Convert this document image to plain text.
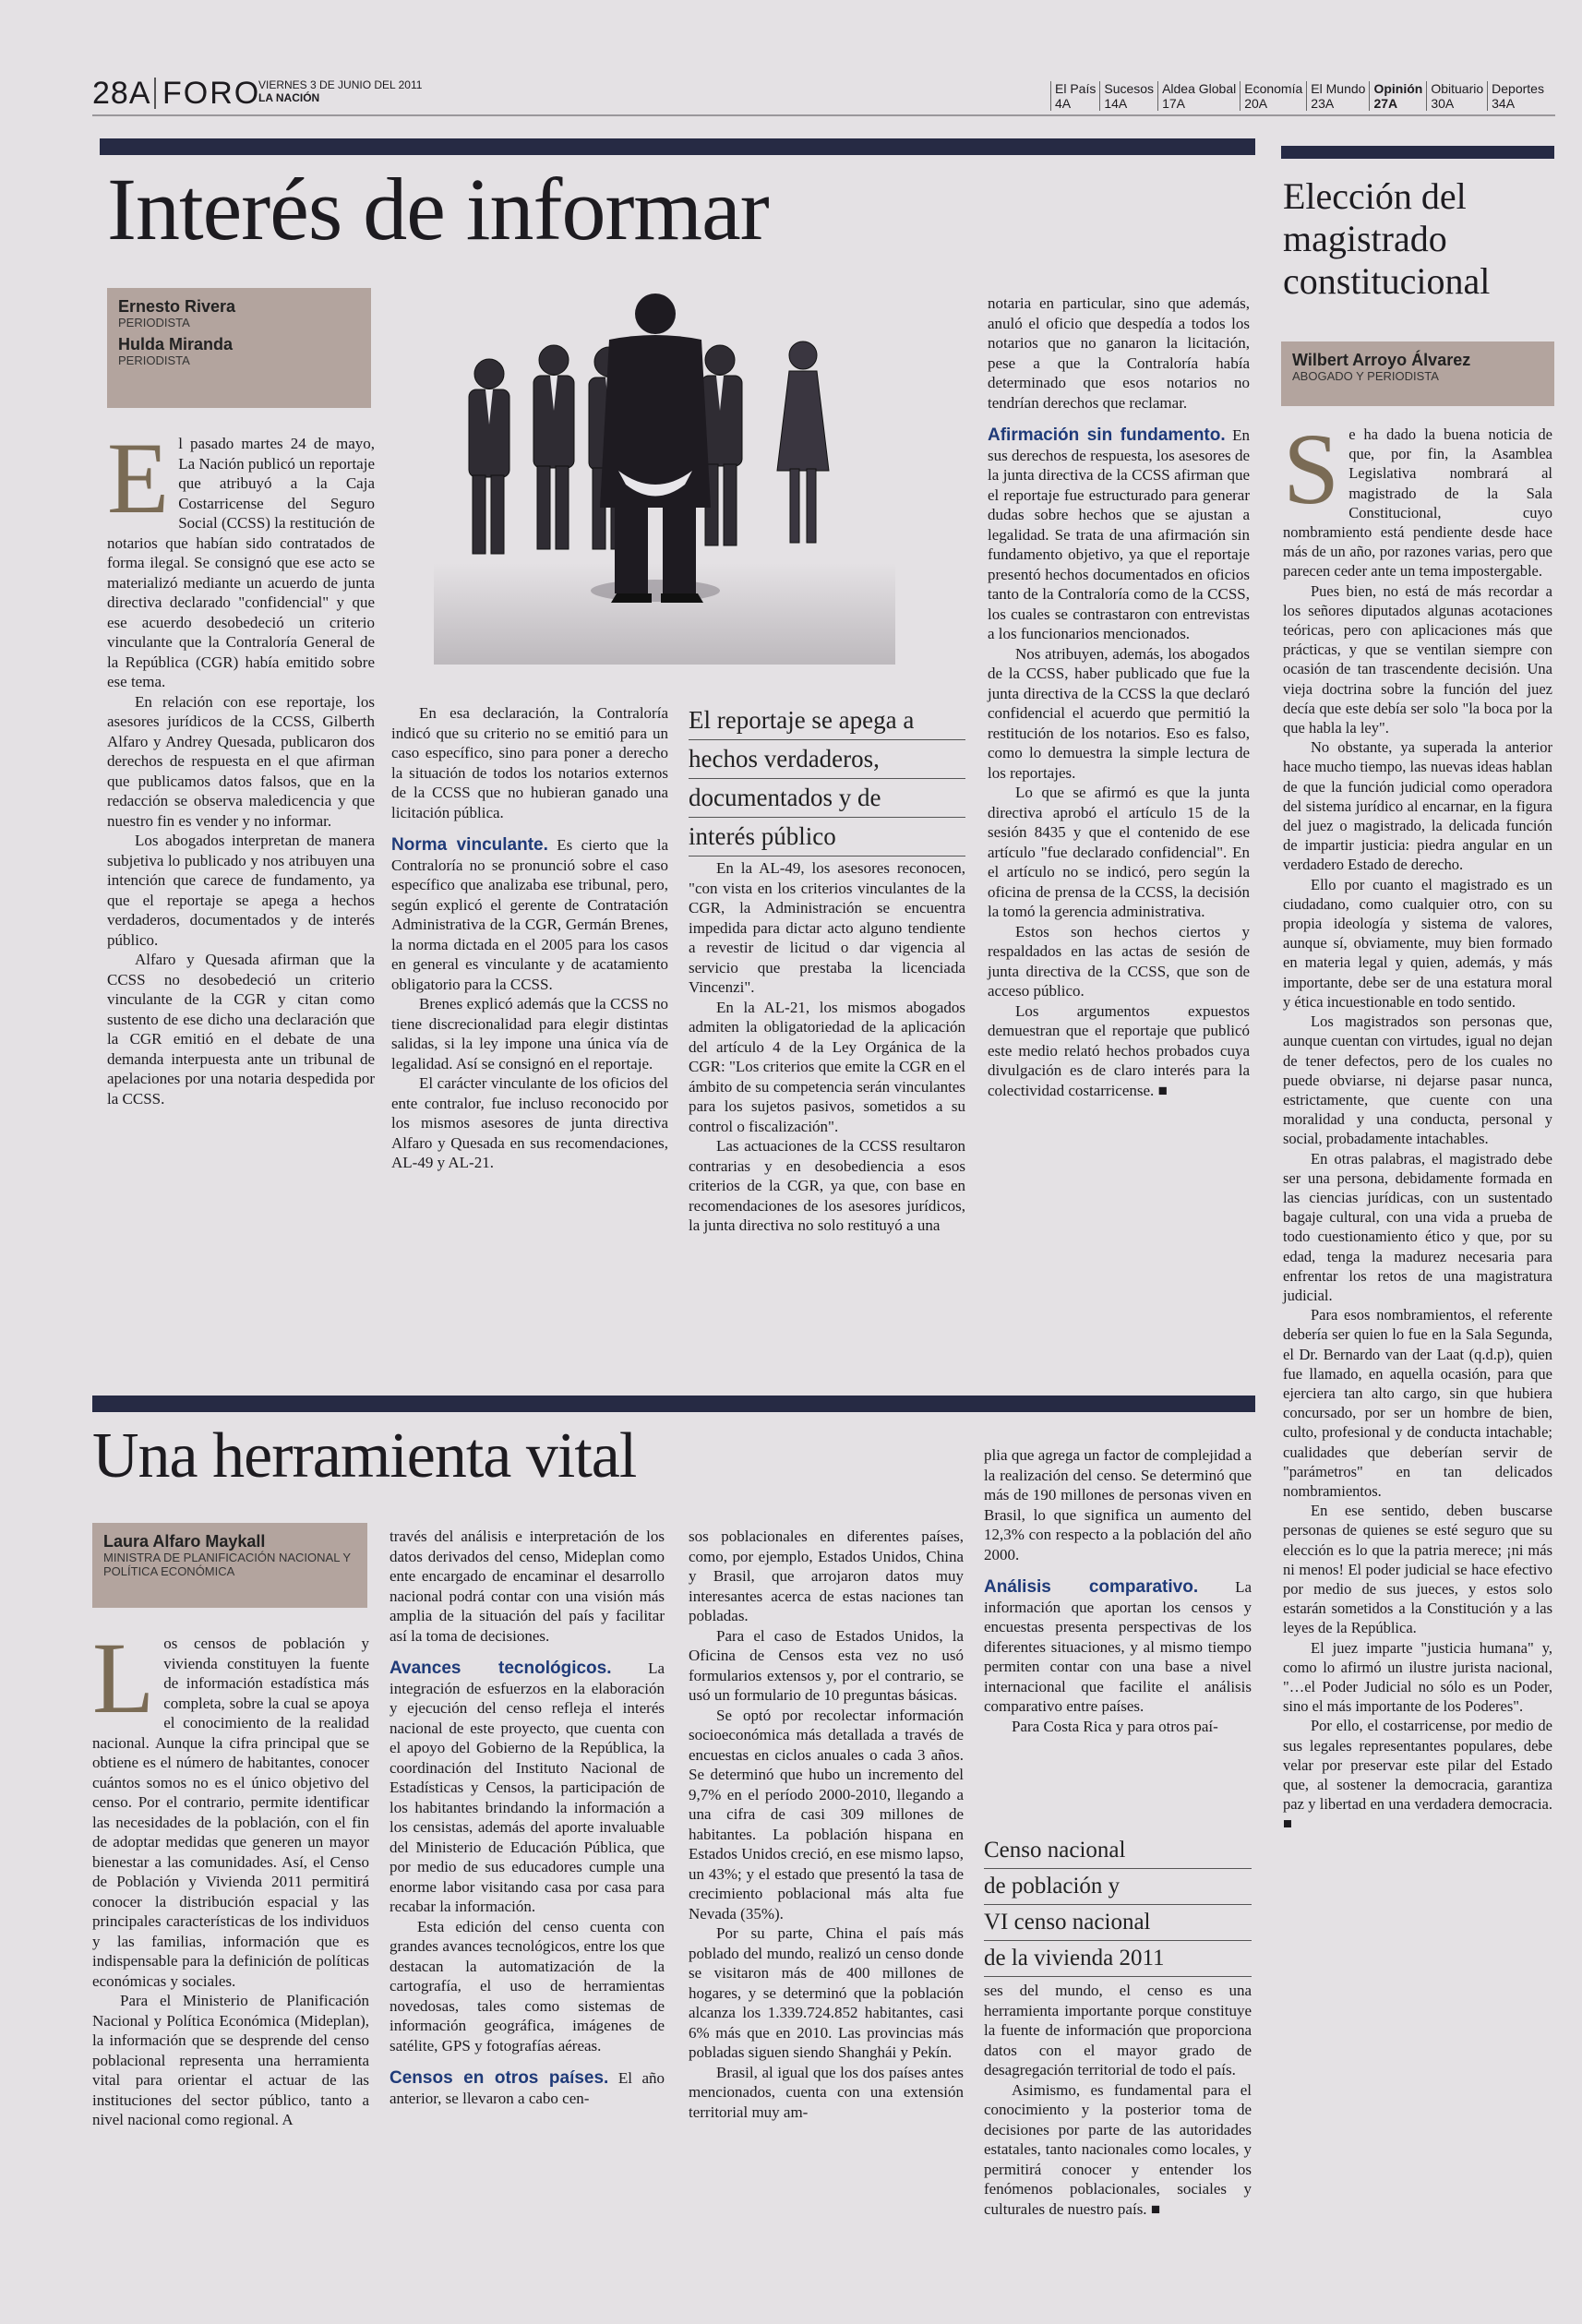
28A FORO
VIERNES 3 DE JUNIO DEL 2011
LA NACIÓN
El País
4A
Sucesos
14A
Aldea Global
17A
Economía
20A
El Mundo
23A
Opinión
27A
Obituario
30A
Deportes
34A
Interés de informar
Ernesto Rivera
PERIODISTA
Hulda Miranda
PERIODISTA
E l pasado martes 24 de mayo, La Nación publicó un reportaje que atribuyó a la Caja Costarricense del Seguro Social (CCSS) la restitución de notarios que habían sido contratados de forma ilegal. Se consignó que ese acto se materializó mediante un acuerdo de junta directiva declarado "confidencial" y que ese acuerdo desobedeció un criterio vinculante que la Contraloría General de la República (CGR) había emitido sobre ese tema.

En relación con ese reportaje, los asesores jurídicos de la CCSS, Gilberth Alfaro y Andrey Quesada, publicaron dos derechos de respuesta en el que afirman que publicamos datos falsos, que en la redacción se observa maledicencia y que nuestro fin es vender y no informar.

Los abogados interpretan de manera subjetiva lo publicado y nos atribuyen una intención que carece de fundamento, ya que el reportaje se apega a hechos verdaderos, documentados y de interés público.

Alfaro y Quesada afirman que la CCSS no desobedeció un criterio vinculante de la CGR y citan como sustento de ese dicho una declaración que la CGR emitió en el debate de una demanda interpuesta ante un tribunal de apelaciones por una notaria despedida por la CCSS.

En esa declaración, la Contraloría indicó que su criterio no se emitió para un caso específico, sino para poner a derecho la situación de todos los notarios externos de la CCSS que no hubieran ganado una licitación pública.

Norma vinculante. Es cierto que la Contraloría no se pronunció sobre el caso específico que analizaba ese tribunal, pero, según explicó el gerente de Contratación Administrativa de la CGR, Germán Brenes, la norma dictada en el 2005 para los casos en general es vinculante y de acatamiento obligatorio para la CCSS.

Brenes explicó además que la CCSS no tiene discrecionalidad para elegir distintas salidas, si la ley impone una única vía de legalidad. Así se consignó en el reportaje.

El carácter vinculante de los oficios del ente contralor, fue incluso reconocido por los mismos asesores de junta directiva Alfaro y Quesada en sus recomendaciones, AL-49 y AL-21.

El reportaje se apega a
hechos verdaderos,
documentados y de
interés público

En la AL-49, los asesores reconocen, "con vista en los criterios vinculantes de la CGR, la Administración se encuentra impedida para dictar acto alguno tendiente a revestir de licitud o dar vigencia al servicio que prestaba la licenciada Vincenzi".

En la AL-21, los mismos abogados admiten la obligatoriedad de la aplicación del artículo 4 de la Ley Orgánica de la CGR: "Los criterios que emite la CGR en el ámbito de su competencia serán vinculantes para los sujetos pasivos, sometidos a su control o fiscalización".

Las actuaciones de la CCSS resultaron contrarias y en desobediencia a esos criterios de la CGR, ya que, con base en recomendaciones de los asesores jurídicos, la junta directiva no solo restituyó a una

notaria en particular, sino que además, anuló el oficio que despedía a todos los notarios que no ganaron la licitación, pese a que la Contraloría había determinado que esos notarios no tendrían derechos que reclamar.

Afirmación sin fundamento. En sus derechos de respuesta, los asesores de la junta directiva de la CCSS afirman que el reportaje fue estructurado para generar dudas sobre hechos que se ajustan a legalidad. Se trata de una afirmación sin fundamento objetivo, ya que el reportaje presentó hechos documentados en oficios tanto de la Contraloría como de la CCSS, los cuales se contrastaron con entrevistas a los funcionarios mencionados.

Nos atribuyen, además, los abogados de la CCSS, haber publicado que fue la junta directiva de la CCSS la que declaró confidencial el acuerdo que permitió la restitución de los notarios. Eso es falso, como lo demuestra la simple lectura de los reportajes.

Lo que se afirmó es que la junta directiva aprobó el artículo 15 de la sesión 8435 y que el contenido de ese artículo "fue declarado confidencial". En el artículo no se indicó, pero según la oficina de prensa de la CCSS, la decisión la tomó la gerencia administrativa.

Estos son hechos ciertos y respaldados en las actas de sesión de junta directiva de la CCSS, que son de acceso público.

Los argumentos expuestos demuestran que el reportaje que publicó este medio relató hechos probados cuya divulgación es de claro interés para la colectividad costarricense. ■

Una herramienta vital
Laura Alfaro Maykall
MINISTRA DE PLANIFICACIÓN NACIONAL Y POLÍTICA ECONÓMICA
L os censos de población y vivienda constituyen la fuente de información estadística más completa, sobre la cual se apoya el conocimiento de la realidad nacional. Aunque la cifra principal que se obtiene es el número de habitantes, conocer cuántos somos no es el único objetivo del censo. Por el contrario, permite identificar las necesidades de la población, con el fin de adoptar medidas que generen un mayor bienestar a las comunidades. Así, el Censo de Población y Vivienda 2011 permitirá conocer la distribución espacial y las principales características de los individuos y las familias, información que es indispensable para la definición de políticas económicas y sociales.

Para el Ministerio de Planificación Nacional y Política Económica (Mideplan), la información que se desprende del censo poblacional representa una herramienta vital para orientar el actuar de las instituciones del sector público, tanto a nivel nacional como regional. A

través del análisis e interpretación de los datos derivados del censo, Mideplan como ente encargado de encaminar el desarrollo nacional podrá contar con una visión más amplia de la situación del país y facilitar así la toma de decisiones.

Avances tecnológicos. La integración de esfuerzos en la elaboración y ejecución del censo refleja el interés nacional de este proyecto, que cuenta con el apoyo del Gobierno de la República, la coordinación del Instituto Nacional de Estadísticas y Censos, la participación de los habitantes brindando la información a los censistas, además del aporte invaluable del Ministerio de Educación Pública, que por medio de sus educadores cumple una enorme labor visitando casa por casa para recabar la información.

Esta edición del censo cuenta con grandes avances tecnológicos, entre los que destacan la automatización de la cartografía, el uso de herramientas novedosas, tales como sistemas de información geográfica, imágenes de satélite, GPS y fotografías aéreas.

Censos en otros países. El año anterior, se llevaron a cabo cen-

sos poblacionales en diferentes países, como, por ejemplo, Estados Unidos, China y Brasil, que arrojaron datos muy interesantes acerca de estas naciones tan pobladas.

Para el caso de Estados Unidos, la Oficina de Censos esta vez no usó formularios extensos y, por el contrario, se usó un formulario de 10 preguntas básicas.

Se optó por recolectar información socioeconómica más detallada a través de encuestas en ciclos anuales o cada 3 años. Se determinó que hubo un incremento del 9,7% en el período 2000-2010, llegando a una cifra de casi 309 millones de habitantes. La población hispana en Estados Unidos creció, en ese mismo lapso, un 43%; y el estado que presentó la tasa de crecimiento poblacional más alta fue Nevada (35%).

Por su parte, China el país más poblado del mundo, realizó un censo donde se visitaron más de 400 millones de hogares, y se determinó que la población alcanza los 1.339.724.852 habitantes, casi 6% más que en 2010. Las provincias más pobladas siguen siendo Shanghái y Pekín.

Brasil, al igual que los dos países antes mencionados, cuenta con una extensión territorial muy am-

plia que agrega un factor de complejidad a la realización del censo. Se determinó que más de 190 millones de personas viven en Brasil, lo que significa un aumento del 12,3% con respecto a la población del año 2000.

Análisis comparativo. La información que aportan los censos y encuestas presenta perspectivas de los diferentes situaciones, y al mismo tiempo permiten contar con una base a nivel internacional que facilite el análisis comparativo entre países.

Para Costa Rica y para otros paí-

Censo nacional
de población y
VI censo nacional
de la vivienda 2011

ses del mundo, el censo es una herramienta importante porque constituye la fuente de información que proporciona datos con el mayor grado de desagregación territorial de todo el país.

Asimismo, es fundamental para el conocimiento y la posterior toma de decisiones por parte de las autoridades estatales, tanto nacionales como locales, y permitirá conocer y entender los fenómenos poblacionales, sociales y culturales de nuestro país. ■

Elección del magistrado constitucional
Wilbert Arroyo Álvarez
ABOGADO Y PERIODISTA
S e ha dado la buena noticia de que, por fin, la Asamblea Legislativa nombrará al magistrado de la Sala Constitucional, cuyo nombramiento está pendiente desde hace más de un año, por razones varias, pero que parecen ceder ante un tema impostergable.

Pues bien, no está de más recordar a los señores diputados algunas acotaciones teóricas, pero con aplicaciones más que prácticas, y que se ventilan siempre con ocasión de tan trascendente decisión. Una vieja doctrina sobre la función del juez decía que este debía ser solo "la boca por la que habla la ley".

No obstante, ya superada la anterior hace mucho tiempo, las nuevas ideas hablan de que la función judicial como operadora del sistema jurídico al encarnar, en la figura del juez o magistrado, la delicada función de impartir justicia: piedra angular en un verdadero Estado de derecho.

Ello por cuanto el magistrado es un ciudadano, como cualquier otro, con su propia ideología y sistema de valores, aunque sí, obviamente, muy bien formado en materia legal y quien, además, y más importante, debe ser de una estatura moral y ética incuestionable en todo sentido.

Los magistrados son personas que, aunque cuentan con virtudes, igual no dejan de tener defectos, pero de los cuales no puede obviarse, ni dejarse pasar nunca, estrictamente, que cuente con una moralidad y una conducta, personal y social, probadamente intachables.

En otras palabras, el magistrado debe ser una persona, debidamente formada en las ciencias jurídicas, con un sustentado bagaje cultural, con una vida a prueba de todo cuestionamiento ético y que, por su edad, tenga la madurez necesaria para enfrentar los retos de una magistratura judicial.

Para esos nombramientos, el referente debería ser quien lo fue en la Sala Segunda, el Dr. Bernardo van der Laat (q.d.p), quien fue llamado, en aquella ocasión, para que ejerciera tan alto cargo, sin que hubiera concursado, por ser un hombre de bien, culto, profesional y de conducta intachable; cualidades que deberían servir de "parámetros" en tan delicados nombramientos.

En ese sentido, deben buscarse personas de quienes se esté seguro que su elección es lo que la patria merece; ¡ni más ni menos! El poder judicial se hace efectivo por medio de sus jueces, y estos solo estarán sometidos a la Constitución y a las leyes de la República.

El juez imparte "justicia humana" y, como lo afirmó un ilustre jurista nacional, "…el Poder Judicial no sólo es un Poder, sino el más importante de los Poderes".

Por ello, el costarricense, por medio de sus legales representantes populares, debe velar por preservar este pilar del Estado que, al sostener la democracia, garantiza paz y libertad en una verdadera democracia. ■
